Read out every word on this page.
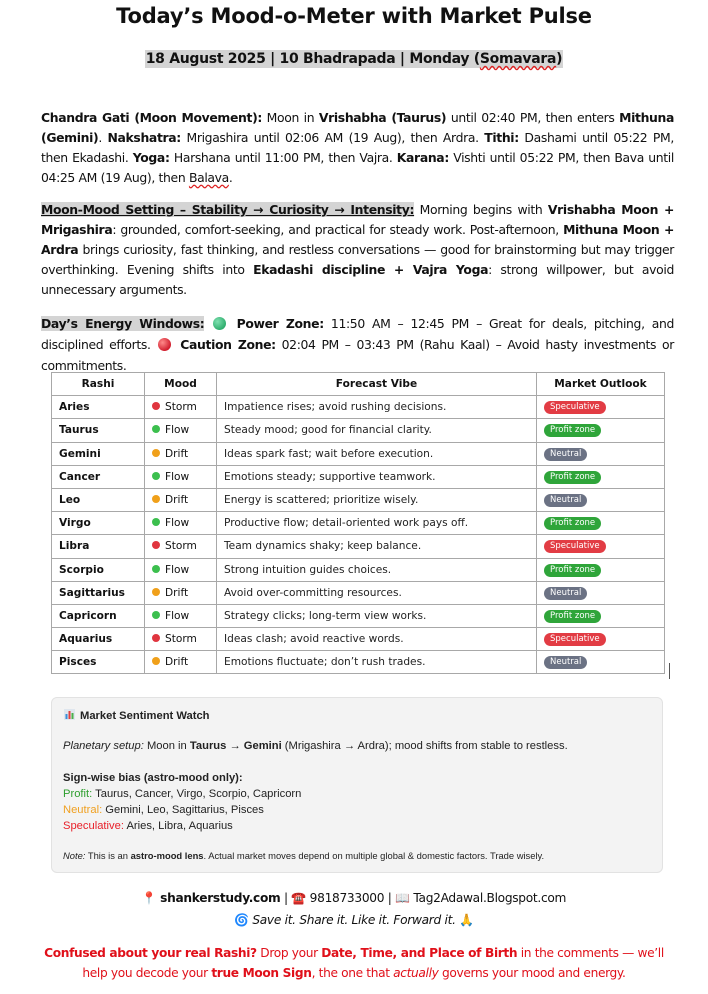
Today’s Mood-o-Meter with Market Pulse
18 August 2025 | 10 Bhadrapada | Monday (Somavara)
Chandra Gati (Moon Movement): Moon in Vrishabha (Taurus) until 02:40 PM, then enters Mithuna (Gemini). Nakshatra: Mrigashira until 02:06 AM (19 Aug), then Ardra. Tithi: Dashami until 05:22 PM, then Ekadashi. Yoga: Harshana until 11:00 PM, then Vajra. Karana: Vishti until 05:22 PM, then Bava until 04:25 AM (19 Aug), then Balava.
Moon-Mood Setting – Stability → Curiosity → Intensity: Morning begins with Vrishabha Moon + Mrigashira: grounded, comfort-seeking, and practical for steady work. Post-afternoon, Mithuna Moon + Ardra brings curiosity, fast thinking, and restless conversations — good for brainstorming but may trigger overthinking. Evening shifts into Ekadashi discipline + Vajra Yoga: strong willpower, but avoid unnecessary arguments.
Day’s Energy Windows:	Power Zone: 11:50 AM – 12:45 PM – Great for deals, pitching, and disciplined efforts.  Caution Zone: 02:04 PM – 03:43 PM (Rahu Kaal) – Avoid hasty investments or commitments.
Rashi	Mood	Forecast Vibe	Market Outlook
Aries	Storm	Impatience rises; avoid rushing decisions.	Speculative
Taurus	Flow	Steady mood; good for financial clarity.	Profit zone
Gemini	Drift	Ideas spark fast; wait before execution.	Neutral
Cancer	Flow	Emotions steady; supportive teamwork.	Profit zone
Leo	Drift	Energy is scattered; prioritize wisely.	Neutral
Virgo	Flow	Productive flow; detail-oriented work pays off.	Profit zone
Libra	Storm	Team dynamics shaky; keep balance.	Speculative
Scorpio	Flow	Strong intuition guides choices.	Profit zone
Sagittarius	Drift	Avoid over-committing resources.	Neutral
Capricorn	Flow	Strategy clicks; long-term view works.	Profit zone
Aquarius	Storm	Ideas clash; avoid reactive words.	Speculative
Pisces	Drift	Emotions fluctuate; don’t rush trades.	Neutral
Market Sentiment Watch
Planetary setup: Moon in Taurus → Gemini (Mrigashira → Ardra); mood shifts from stable to restless.
Sign-wise bias (astro-mood only):
Profit: Taurus, Cancer, Virgo, Scorpio, Capricorn
Neutral: Gemini, Leo, Sagittarius, Pisces
Speculative: Aries, Libra, Aquarius
Note: This is an astro-mood lens. Actual market moves depend on multiple global & domestic factors. Trade wisely.
📍 shankerstudy.com | ☎️ 9818733000 | 📖 Tag2Adawal.Blogspot.com
🌀 Save it. Share it. Like it. Forward it. 🙏
Confused about your real Rashi? Drop your Date, Time, and Place of Birth in the comments — we’ll help you decode your true Moon Sign, the one that actually governs your mood and energy.
